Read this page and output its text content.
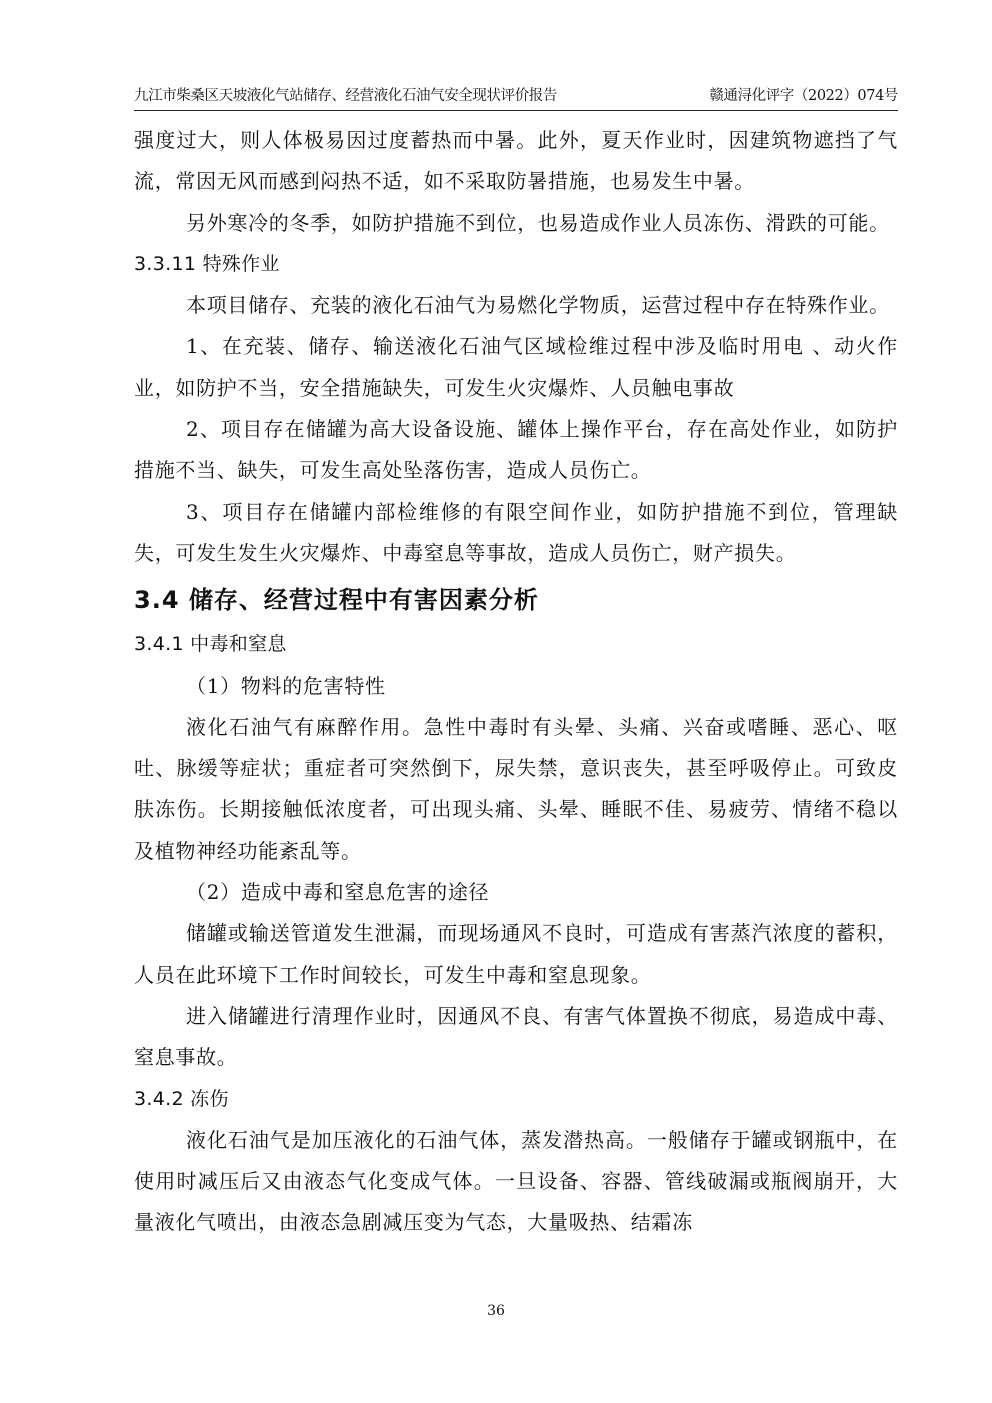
九江市柴桑区天坡液化气站储存、经营液化石油气安全现状评价报告	赣通浔化评字（2022）074号

强度过大，则人体极易因过度蓄热而中暑。此外，夏天作业时，因建筑物遮挡了气流，常因无风而感到闷热不适，如不采取防暑措施，也易发生中暑。

另外寒冷的冬季，如防护措施不到位，也易造成作业人员冻伤、滑跌的可能。

3.3.11 特殊作业

本项目储存、充装的液化石油气为易燃化学物质，运营过程中存在特殊作业。

1、在充装、储存、输送液化石油气区域检维过程中涉及临时用电 、动火作业，如防护不当，安全措施缺失，可发生火灾爆炸、人员触电事故

2、项目存在储罐为高大设备设施、罐体上操作平台，存在高处作业，如防护措施不当、缺失，可发生高处坠落伤害，造成人员伤亡。

3、项目存在储罐内部检维修的有限空间作业，如防护措施不到位，管理缺失，可发生发生火灾爆炸、中毒窒息等事故，造成人员伤亡，财产损失。

3.4 储存、经营过程中有害因素分析

3.4.1 中毒和窒息

（1）物料的危害特性

液化石油气有麻醉作用。急性中毒时有头晕、头痛、兴奋或嗜睡、恶心、呕吐、脉缓等症状；重症者可突然倒下，尿失禁，意识丧失，甚至呼吸停止。可致皮肤冻伤。长期接触低浓度者，可出现头痛、头晕、睡眠不佳、易疲劳、情绪不稳以及植物神经功能紊乱等。

（2）造成中毒和窒息危害的途径

储罐或输送管道发生泄漏，而现场通风不良时，可造成有害蒸汽浓度的蓄积，人员在此环境下工作时间较长，可发生中毒和窒息现象。

进入储罐进行清理作业时，因通风不良、有害气体置换不彻底，易造成中毒、窒息事故。

3.4.2 冻伤

液化石油气是加压液化的石油气体，蒸发潜热高。一般储存于罐或钢瓶中，在使用时减压后又由液态气化变成气体。一旦设备、容器、管线破漏或瓶阀崩开，大量液化气喷出，由液态急剧减压变为气态，大量吸热、结霜冻

36
